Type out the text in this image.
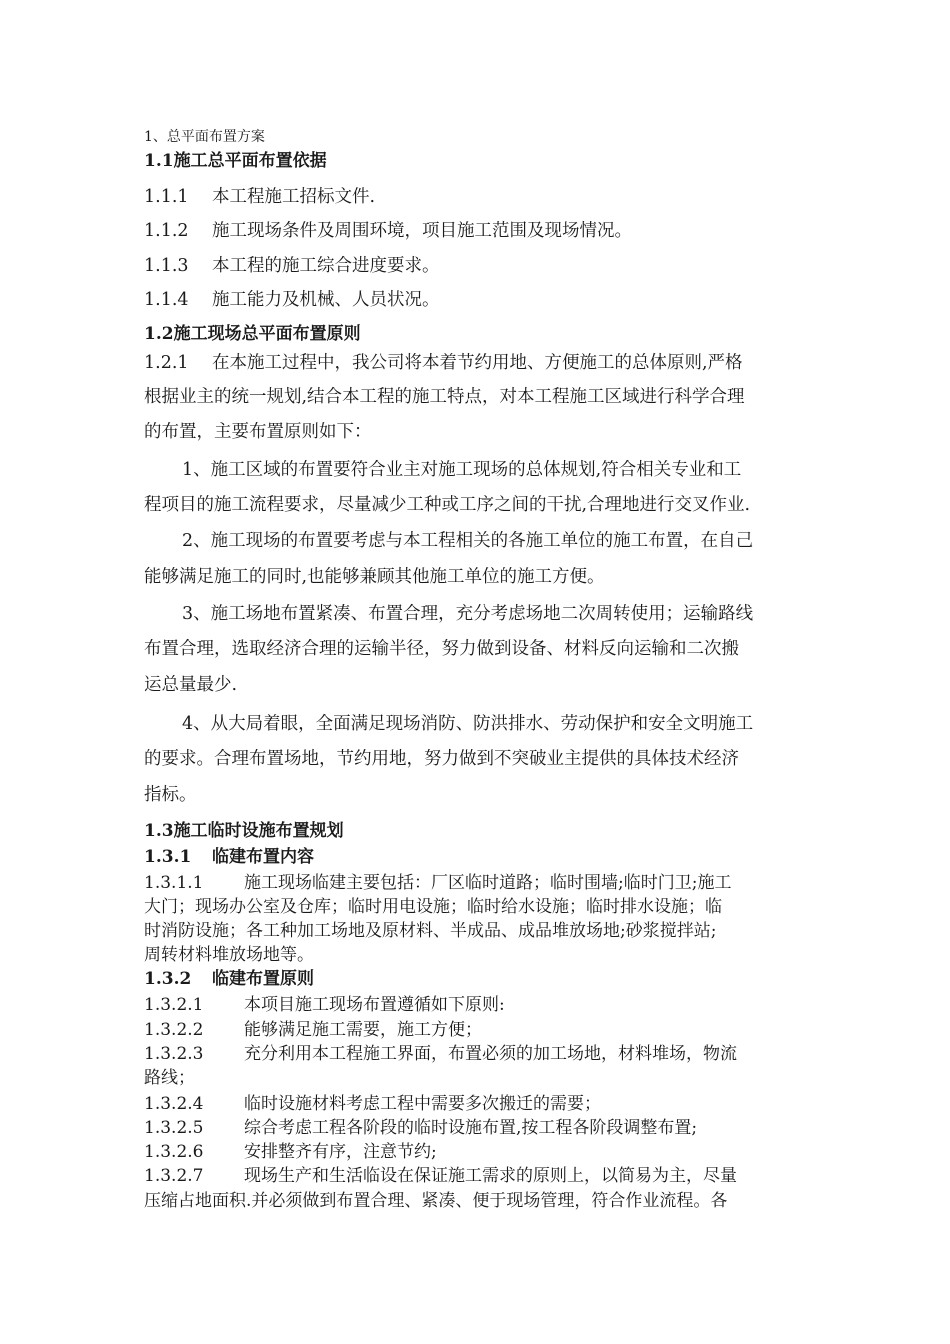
1、总平面布置方案
1.1施工总平面布置依据
1.1.1 本工程施工招标文件.
1.1.2 施工现场条件及周围环境，项目施工范围及现场情况。
1.1.3 本工程的施工综合进度要求。
1.1.4 施工能力及机械、人员状况。
1.2施工现场总平面布置原则
1.2.1 在本施工过程中，我公司将本着节约用地、方便施工的总体原则,严格
根据业主的统一规划,结合本工程的施工特点，对本工程施工区域进行科学合理
的布置，主要布置原则如下：
1、施工区域的布置要符合业主对施工现场的总体规划,符合相关专业和工
程项目的施工流程要求，尽量减少工种或工序之间的干扰,合理地进行交叉作业.
2、施工现场的布置要考虑与本工程相关的各施工单位的施工布置，在自己
能够满足施工的同时,也能够兼顾其他施工单位的施工方便。
3、施工场地布置紧凑、布置合理，充分考虑场地二次周转使用；运输路线
布置合理，选取经济合理的运输半径，努力做到设备、材料反向运输和二次搬
运总量最少.
4、从大局着眼，全面满足现场消防、防洪排水、劳动保护和安全文明施工
的要求。合理布置场地，节约用地，努力做到不突破业主提供的具体技术经济
指标。
1.3施工临时设施布置规划
1.3.1 临建布置内容
1.3.1.1 施工现场临建主要包括：厂区临时道路；临时围墙;临时门卫;施工
大门；现场办公室及仓库；临时用电设施；临时给水设施；临时排水设施；临
时消防设施；各工种加工场地及原材料、半成品、成品堆放场地;砂浆搅拌站;
周转材料堆放场地等。
1.3.2 临建布置原则
1.3.2.1 本项目施工现场布置遵循如下原则:
1.3.2.2 能够满足施工需要，施工方便；
1.3.2.3 充分利用本工程施工界面，布置必须的加工场地，材料堆场，物流
路线；
1.3.2.4 临时设施材料考虑工程中需要多次搬迁的需要；
1.3.2.5 综合考虑工程各阶段的临时设施布置,按工程各阶段调整布置;
1.3.2.6 安排整齐有序，注意节约;
1.3.2.7 现场生产和生活临设在保证施工需求的原则上，以简易为主，尽量
压缩占地面积.并必须做到布置合理、紧凑、便于现场管理，符合作业流程。各
